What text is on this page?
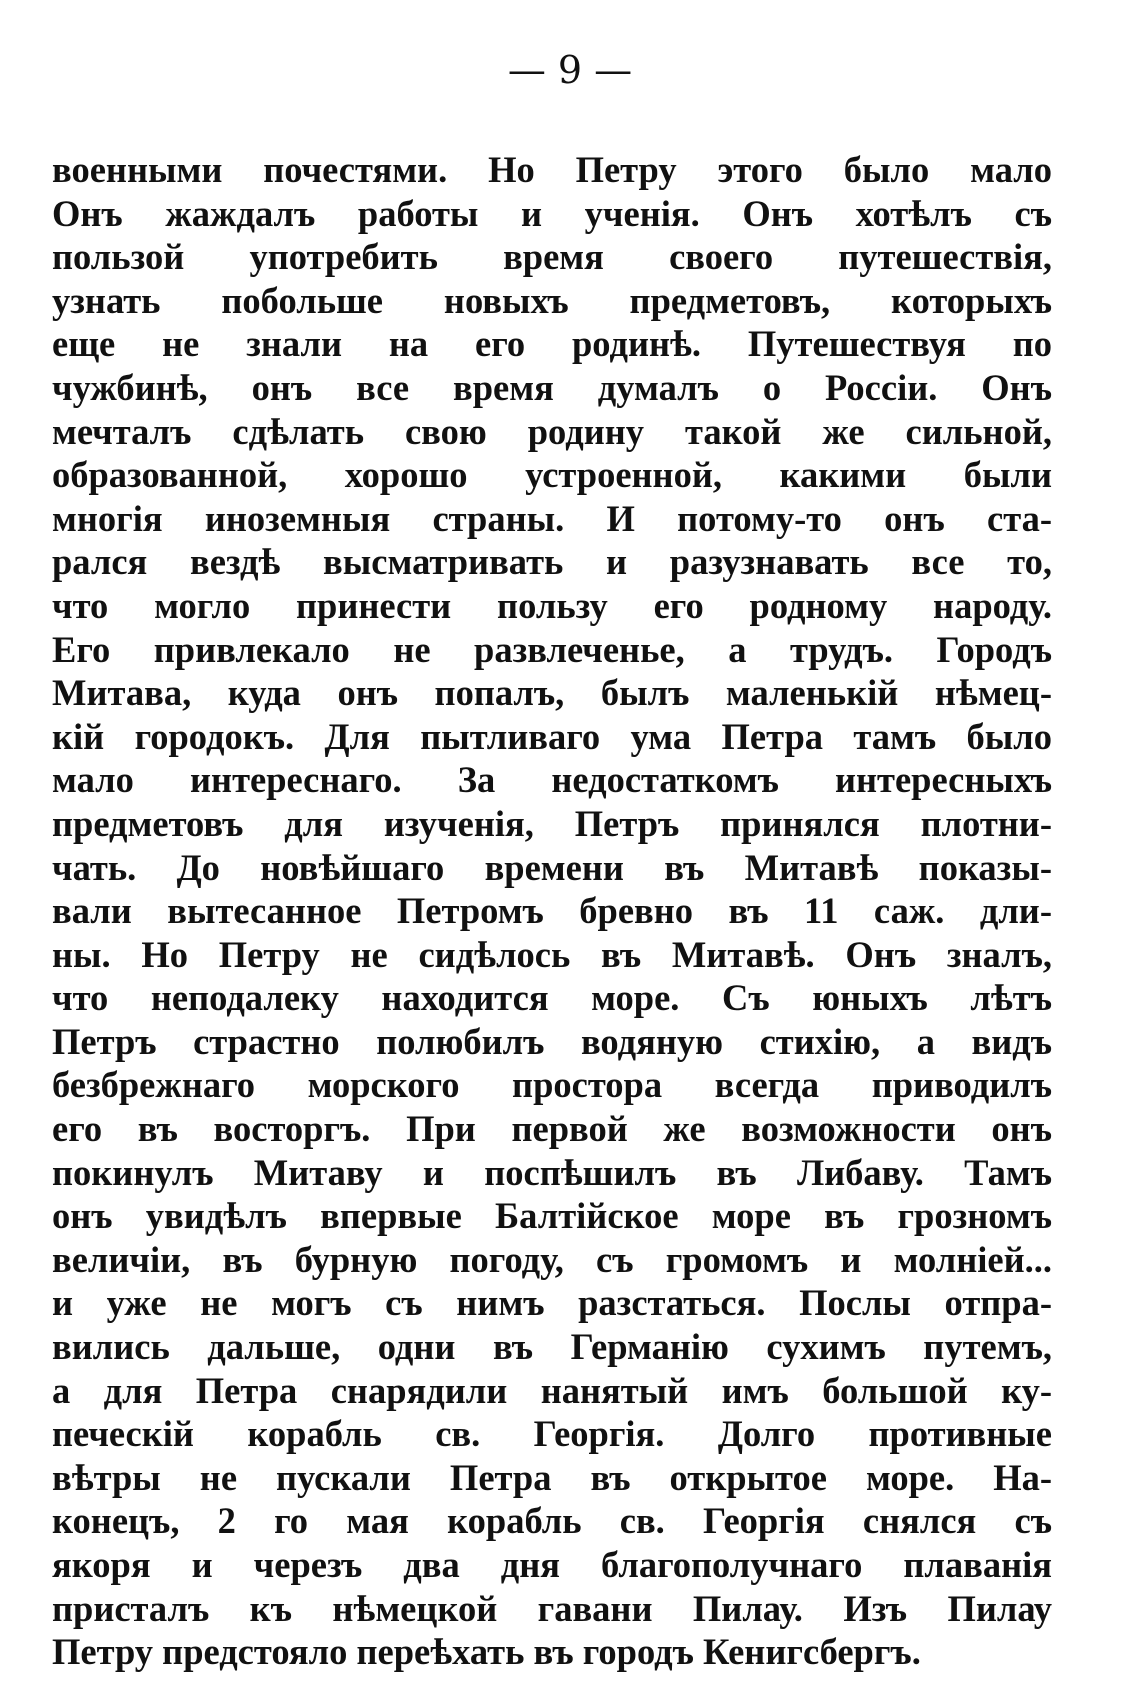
— 9 —
военными почестями. Но Петру этого было мало
Онъ жаждалъ работы и ученія. Онъ хотѣлъ съ
пользой употребить время своего путешествія,
узнать побольше новыхъ предметовъ, которыхъ
еще не знали на его родинѣ. Путешествуя по
чужбинѣ, онъ все время думалъ о Россіи. Онъ
мечталъ сдѣлать свою родину такой же сильной,
образованной, хорошо устроенной, какими были
многія иноземныя страны. И потому-то онъ ста-
рался вездѣ высматривать и разузнавать все то,
что могло принести пользу его родному народу.
Его привлекало не развлеченье, а трудъ. Городъ
Митава, куда онъ попалъ, былъ маленькій нѣмец-
кій городокъ. Для пытливаго ума Петра тамъ было
мало интереснаго. За недостаткомъ интересныхъ
предметовъ для изученія, Петръ принялся плотни-
чать. До новѣйшаго времени въ Митавѣ показы-
вали вытесанное Петромъ бревно въ 11 саж. дли-
ны. Но Петру не сидѣлось въ Митавѣ. Онъ зналъ,
что неподалеку находится море. Съ юныхъ лѣтъ
Петръ страстно полюбилъ водяную стихію, а видъ
безбрежнаго морского простора всегда приводилъ
его въ восторгъ. При первой же возможности онъ
покинулъ Митаву и поспѣшилъ въ Либаву. Тамъ
онъ увидѣлъ впервые Балтійское море въ грозномъ
величіи, въ бурную погоду, съ громомъ и молніей...
и уже не могъ съ нимъ разстаться. Послы отпра-
вились дальше, одни въ Германію сухимъ путемъ,
а для Петра снарядили нанятый имъ большой ку-
печескій корабль св. Георгія. Долго противные
вѣтры не пускали Петра въ открытое море. На-
конецъ, 2 го мая корабль св. Георгія снялся съ
якоря и черезъ два дня благополучнаго плаванія
присталъ къ нѣмецкой гавани Пилау. Изъ Пилау
Петру предстояло переѣхать въ городъ Кенигсбергъ.
